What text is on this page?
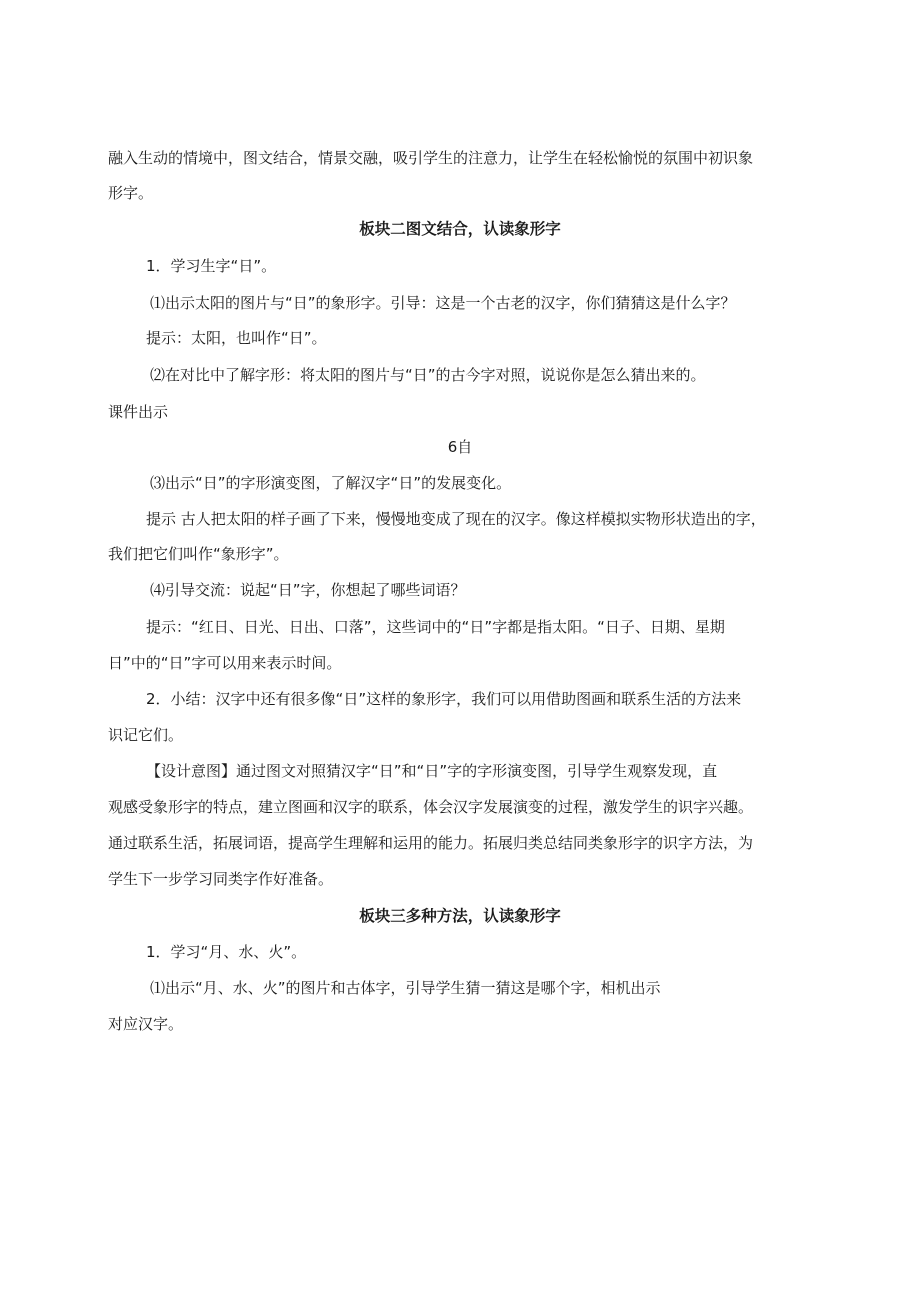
融入生动的情境中，图文结合，情景交融，吸引学生的注意力，让学生在轻松愉悦的氛围中初识象
形字。
板块二图文结合，认读象形字
1．学习生字“日”。
⑴出示太阳的图片与“日”的象形字。引导：这是一个古老的汉字，你们猜猜这是什么字？
提示：太阳，也叫作“日”。
⑵在对比中了解字形：将太阳的图片与“日”的古今字对照，说说你是怎么猜出来的。
课件出示
6自
⑶出示“日”的字形演变图，了解汉字“日”的发展变化。
提示 古人把太阳的样子画了下来，慢慢地变成了现在的汉字。像这样模拟实物形状造出的字，
我们把它们叫作“象形字”。
⑷引导交流：说起“日”字，你想起了哪些词语？
提示：“红日、日光、日出、口落”，这些词中的“日”字都是指太阳。“日子、日期、星期
日”中的“日”字可以用来表示时间。
2．小结：汉字中还有很多像“日”这样的象形字，我们可以用借助图画和联系生活的方法来
识记它们。
【设计意图】通过图文对照猜汉字“日”和“日”字的字形演变图，引导学生观察发现，直
观感受象形字的特点，建立图画和汉字的联系，体会汉字发展演变的过程，激发学生的识字兴趣。
通过联系生活，拓展词语，提高学生理解和运用的能力。拓展归类总结同类象形字的识字方法，为
学生下一步学习同类字作好准备。
板块三多种方法，认读象形字
1．学习“月、水、火”。
⑴出示“月、水、火”的图片和古体字，引导学生猜一猜这是哪个字，相机出示
对应汉字。
